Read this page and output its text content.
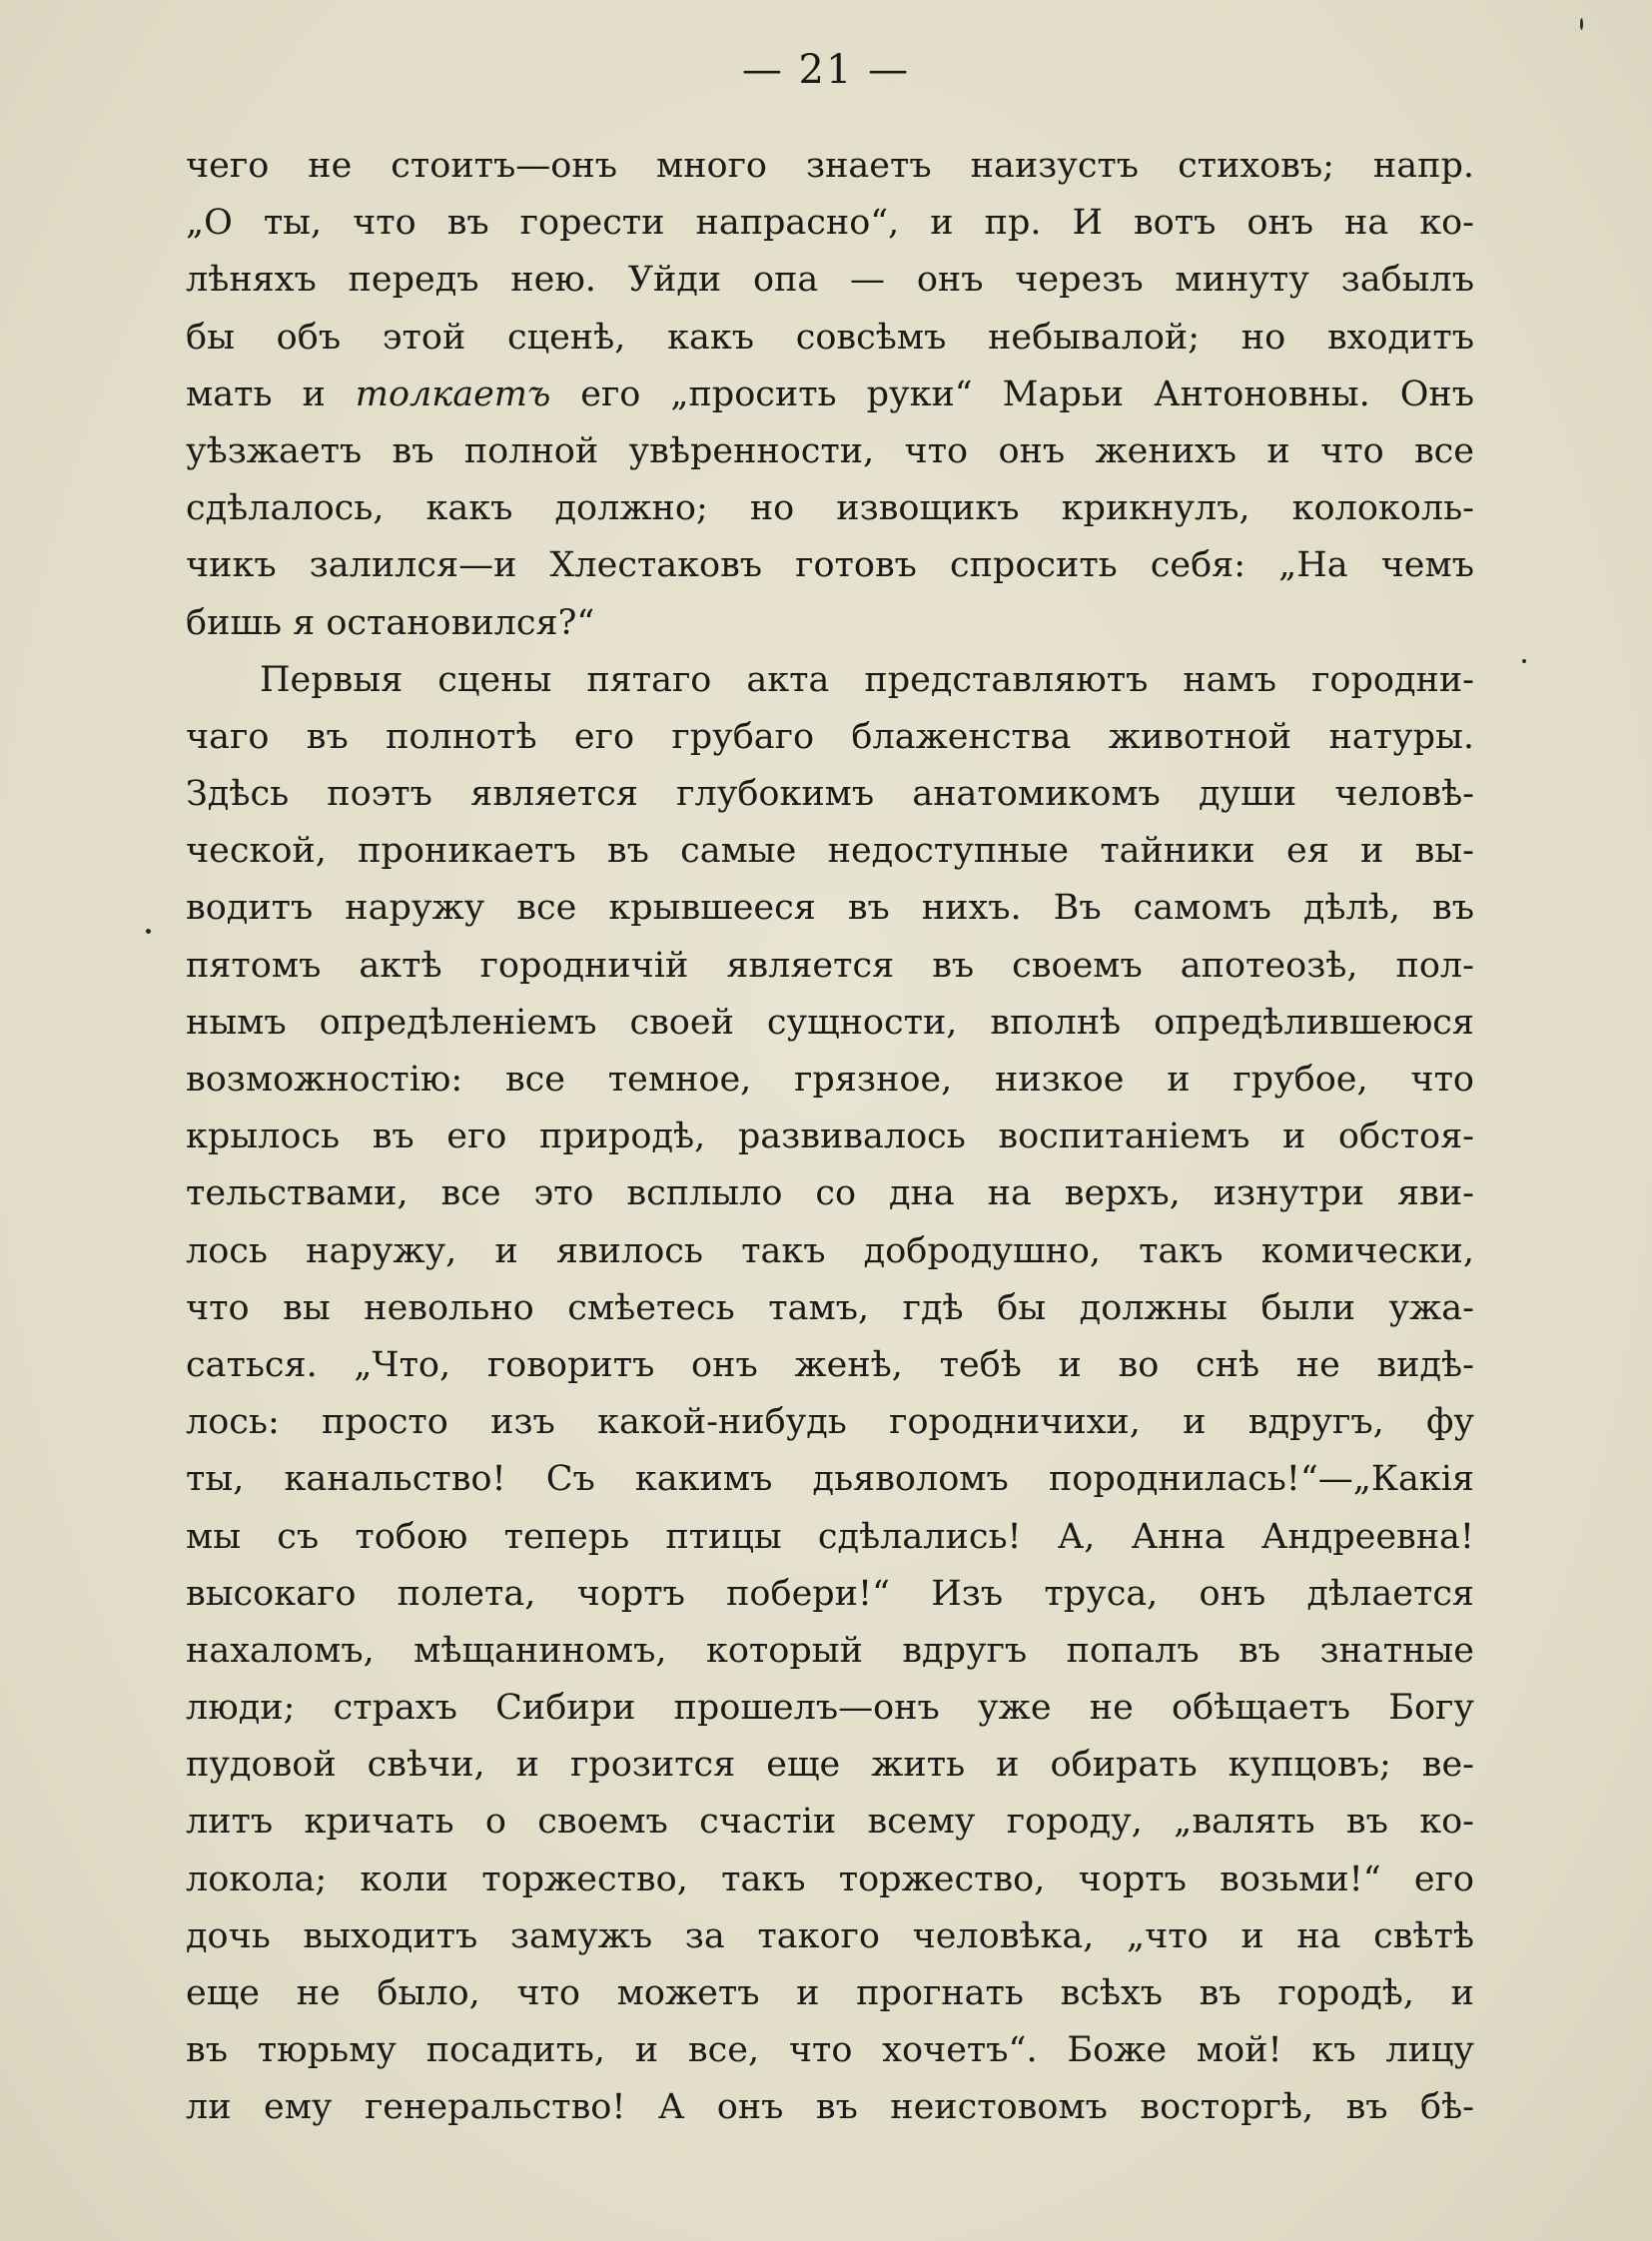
— 21 —
чего не стоитъ—онъ много знаетъ наизустъ стиховъ; напр.
„О ты, что въ горести напрасно“, и пр. И вотъ онъ на ко-
лѣняхъ передъ нею. Уйди опа — онъ черезъ минуту забылъ
бы объ этой сценѣ, какъ совсѣмъ небывалой; но входитъ
мать и толкаетъ его „просить руки“ Марьи Антоновны. Онъ
уѣзжаетъ въ полной увѣренности, что онъ женихъ и что все
сдѣлалось, какъ должно; но извощикъ крикнулъ, колоколь-
чикъ залился—и Хлестаковъ готовъ спросить себя: „На чемъ
бишь я остановился?“
Первыя сцены пятаго акта представляютъ намъ городни-
чаго въ полнотѣ его грубаго блаженства животной натуры.
Здѣсь поэтъ является глубокимъ анатомикомъ души человѣ-
ческой, проникаетъ въ самые недоступные тайники ея и вы-
водитъ наружу все крывшееся въ нихъ. Въ самомъ дѣлѣ, въ
пятомъ актѣ городничій является въ своемъ апотеозѣ, пол-
нымъ опредѣленіемъ своей сущности, вполнѣ опредѣлившеюся
возможностію: все темное, грязное, низкое и грубое, что
крылось въ его природѣ, развивалось воспитаніемъ и обстоя-
тельствами, все это всплыло со дна на верхъ, изнутри яви-
лось наружу, и явилось такъ добродушно, такъ комически,
что вы невольно смѣетесь тамъ, гдѣ бы должны были ужа-
саться. „Что, говоритъ онъ женѣ, тебѣ и во снѣ не видѣ-
лось: просто изъ какой-нибудь городничихи, и вдругъ, фу
ты, канальство! Съ какимъ дьяволомъ породнилась!“—„Какія
мы съ тобою теперь птицы сдѣлались! А, Анна Андреевна!
высокаго полета, чортъ побери!“ Изъ труса, онъ дѣлается
нахаломъ, мѣщаниномъ, который вдругъ попалъ въ знатные
люди; страхъ Сибири прошелъ—онъ уже не обѣщаетъ Богу
пудовой свѣчи, и грозится еще жить и обирать купцовъ; ве-
литъ кричать о своемъ счастіи всему городу, „валять въ ко-
локола; коли торжество, такъ торжество, чортъ возьми!“ его
дочь выходитъ замужъ за такого человѣка, „что и на свѣтѣ
еще не было, что можетъ и прогнать всѣхъ въ городѣ, и
въ тюрьму посадить, и все, что хочетъ“. Боже мой! къ лицу
ли ему генеральство! А онъ въ неистовомъ восторгѣ, въ бѣ-
